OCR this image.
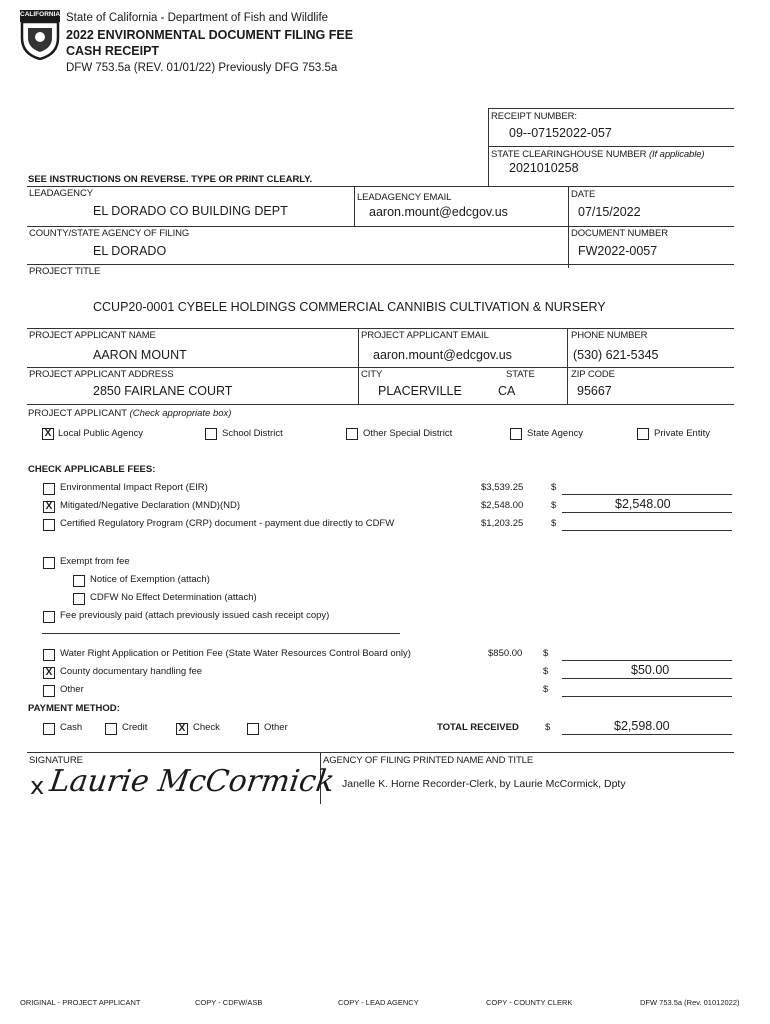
CALIFORNIA State of California - Department of Fish and Wildlife
2022 ENVIRONMENTAL DOCUMENT FILING FEE
CASH RECEIPT
DFW 753.5a (REV. 01/01/22) Previously DFG 753.5a
RECEIPT NUMBER:
09--07152022-057
STATE CLEARINGHOUSE NUMBER (If applicable)
2021010258
SEE INSTRUCTIONS ON REVERSE. TYPE OR PRINT CLEARLY.
LEADAGENCY
EL DORADO CO BUILDING DEPT
LEADAGENCY EMAIL
aaron.mount@edcgov.us
DATE
07/15/2022
COUNTY/STATE AGENCY OF FILING
EL DORADO
DOCUMENT NUMBER
FW2022-0057
PROJECT TITLE
CCUP20-0001 CYBELE HOLDINGS COMMERCIAL CANNIBIS CULTIVATION & NURSERY
PROJECT APPLICANT NAME
AARON MOUNT
PROJECT APPLICANT EMAIL
aaron.mount@edcgov.us
PHONE NUMBER
(530) 621-5345
PROJECT APPLICANT ADDRESS
2850 FAIRLANE COURT
CITY
PLACERVILLE
STATE
CA
ZIP CODE
95667
PROJECT APPLICANT (Check appropriate box)
X Local Public Agency	School District	Other Special District	State Agency	Private Entity
CHECK APPLICABLE FEES:
Environmental Impact Report (EIR)	$3,539.25	$
X Mitigated/Negative Declaration (MND)(ND)	$2,548.00	$	$2,548.00
Certified Regulatory Program (CRP) document - payment due directly to CDFW	$1,203.25	$
Exempt from fee
Notice of Exemption (attach)
CDFW No Effect Determination (attach)
Fee previously paid (attach previously issued cash receipt copy)
Water Right Application or Petition Fee (State Water Resources Control Board only)	$850.00 $
X County documentary handling fee	$	$50.00
Other	$
PAYMENT METHOD:
Cash	Credit	X Check	Other	TOTAL RECEIVED	$	$2,598.00
SIGNATURE
x Laurie McCormick
AGENCY OF FILING PRINTED NAME AND TITLE
Janelle K. Horne Recorder-Clerk, by Laurie McCormick, Dpty
ORIGINAL - PROJECT APPLICANT	COPY - CDFW/ASB	COPY - LEAD AGENCY	COPY - COUNTY CLERK	DFW 753.5a (Rev. 01012022)
